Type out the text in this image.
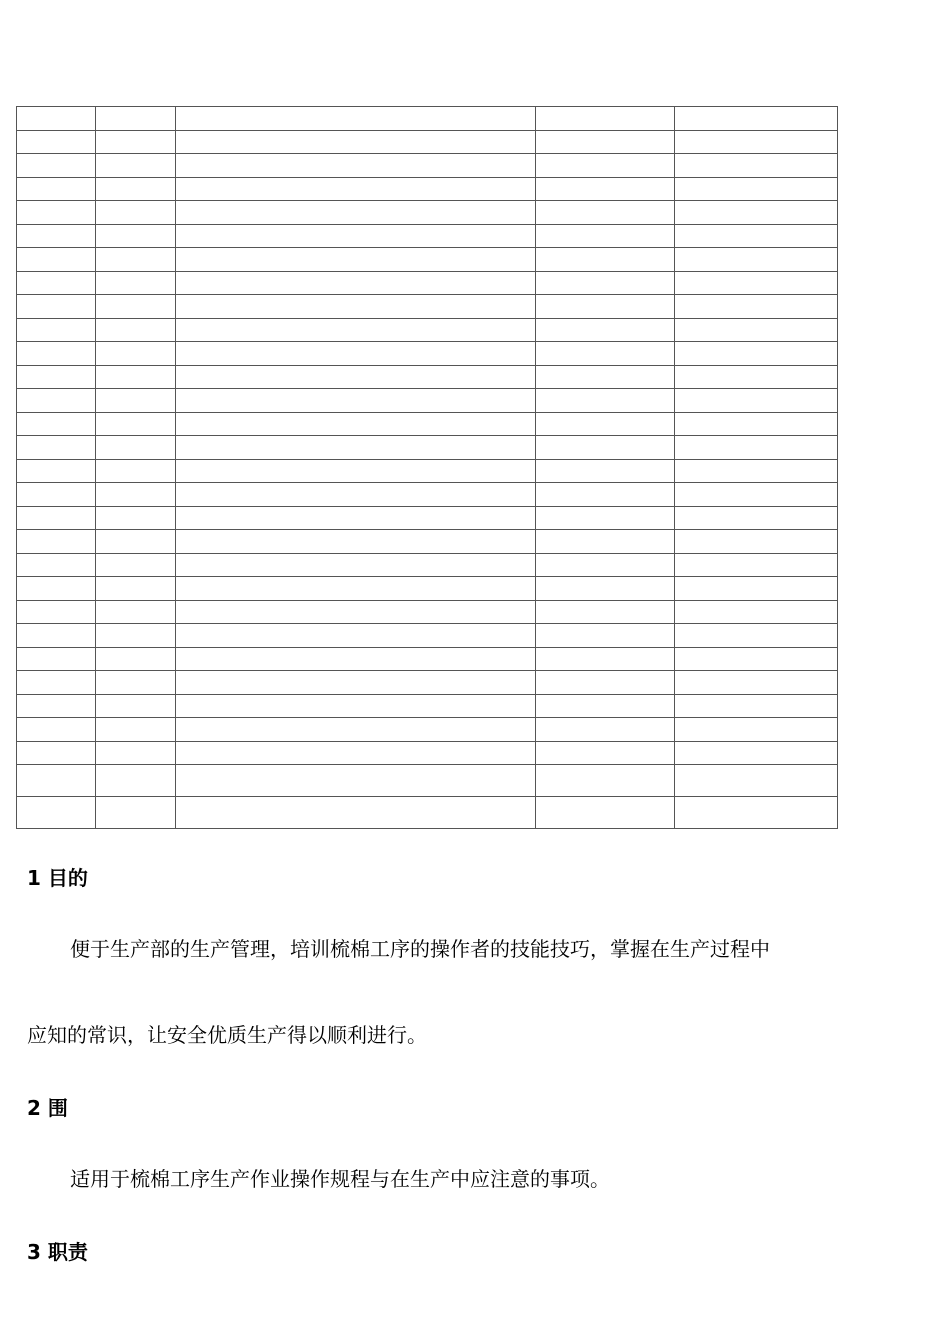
1 目的

便于生产部的生产管理，培训梳棉工序的操作者的技能技巧，掌握在生产过程中

应知的常识，让安全优质生产得以顺利进行。

2 围

适用于梳棉工序生产作业操作规程与在生产中应注意的事项。

3 职责
